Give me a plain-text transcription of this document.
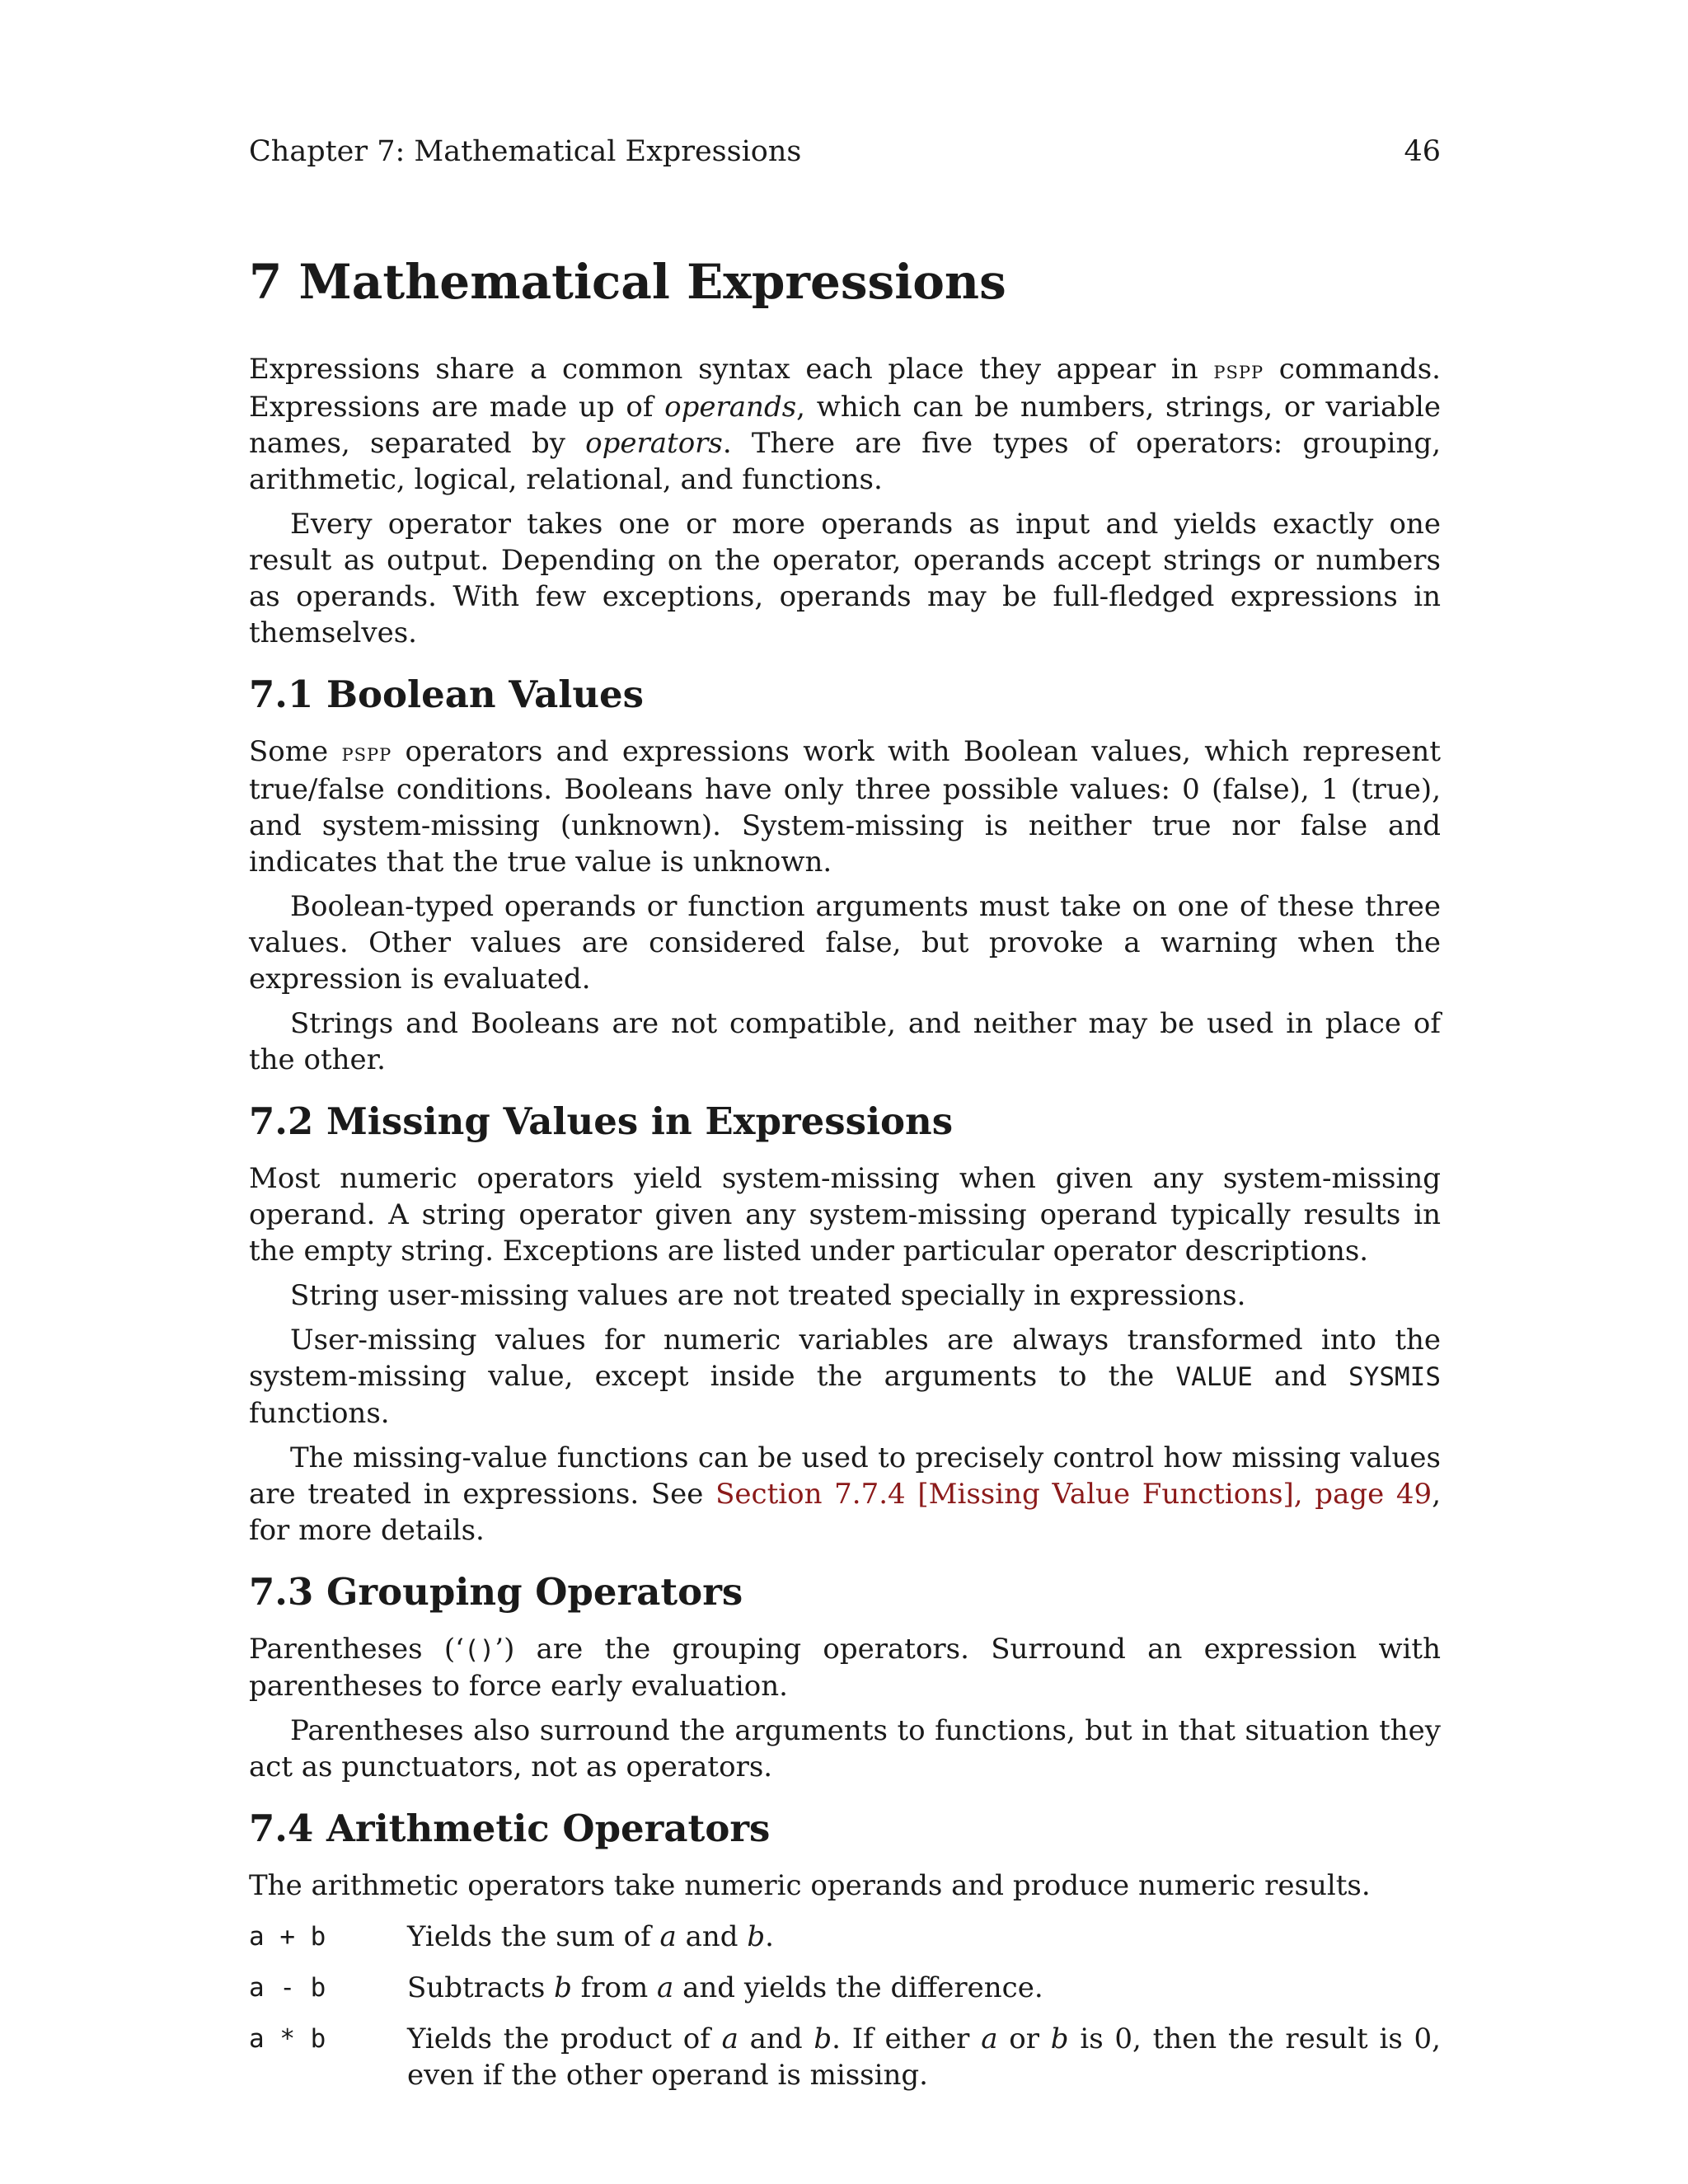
Chapter 7: Mathematical Expressions	46
7 Mathematical Expressions

Expressions share a common syntax each place they appear in pspp commands. Expressions are made up of operands, which can be numbers, strings, or variable names, separated by operators. There are five types of operators: grouping, arithmetic, logical, relational, and functions.

Every operator takes one or more operands as input and yields exactly one result as output. Depending on the operator, operands accept strings or numbers as operands. With few exceptions, operands may be full-fledged expressions in themselves.

7.1 Boolean Values

Some pspp operators and expressions work with Boolean values, which represent true/false conditions. Booleans have only three possible values: 0 (false), 1 (true), and system-missing (unknown). System-missing is neither true nor false and indicates that the true value is unknown.

Boolean-typed operands or function arguments must take on one of these three values. Other values are considered false, but provoke a warning when the expression is evaluated.

Strings and Booleans are not compatible, and neither may be used in place of the other.

7.2 Missing Values in Expressions

Most numeric operators yield system-missing when given any system-missing operand. A string operator given any system-missing operand typically results in the empty string. Exceptions are listed under particular operator descriptions.

String user-missing values are not treated specially in expressions.

User-missing values for numeric variables are always transformed into the system-missing value, except inside the arguments to the VALUE and SYSMIS functions.

The missing-value functions can be used to precisely control how missing values are treated in expressions. See Section 7.7.4 [Missing Value Functions], page 49, for more details.

7.3 Grouping Operators

Parentheses (‘()’) are the grouping operators. Surround an expression with parentheses to force early evaluation.

Parentheses also surround the arguments to functions, but in that situation they act as punctuators, not as operators.

7.4 Arithmetic Operators

The arithmetic operators take numeric operands and produce numeric results.

a + b	Yields the sum of a and b.
a - b	Subtracts b from a and yields the difference.
a * b	Yields the product of a and b. If either a or b is 0, then the result is 0, even if the other operand is missing.
